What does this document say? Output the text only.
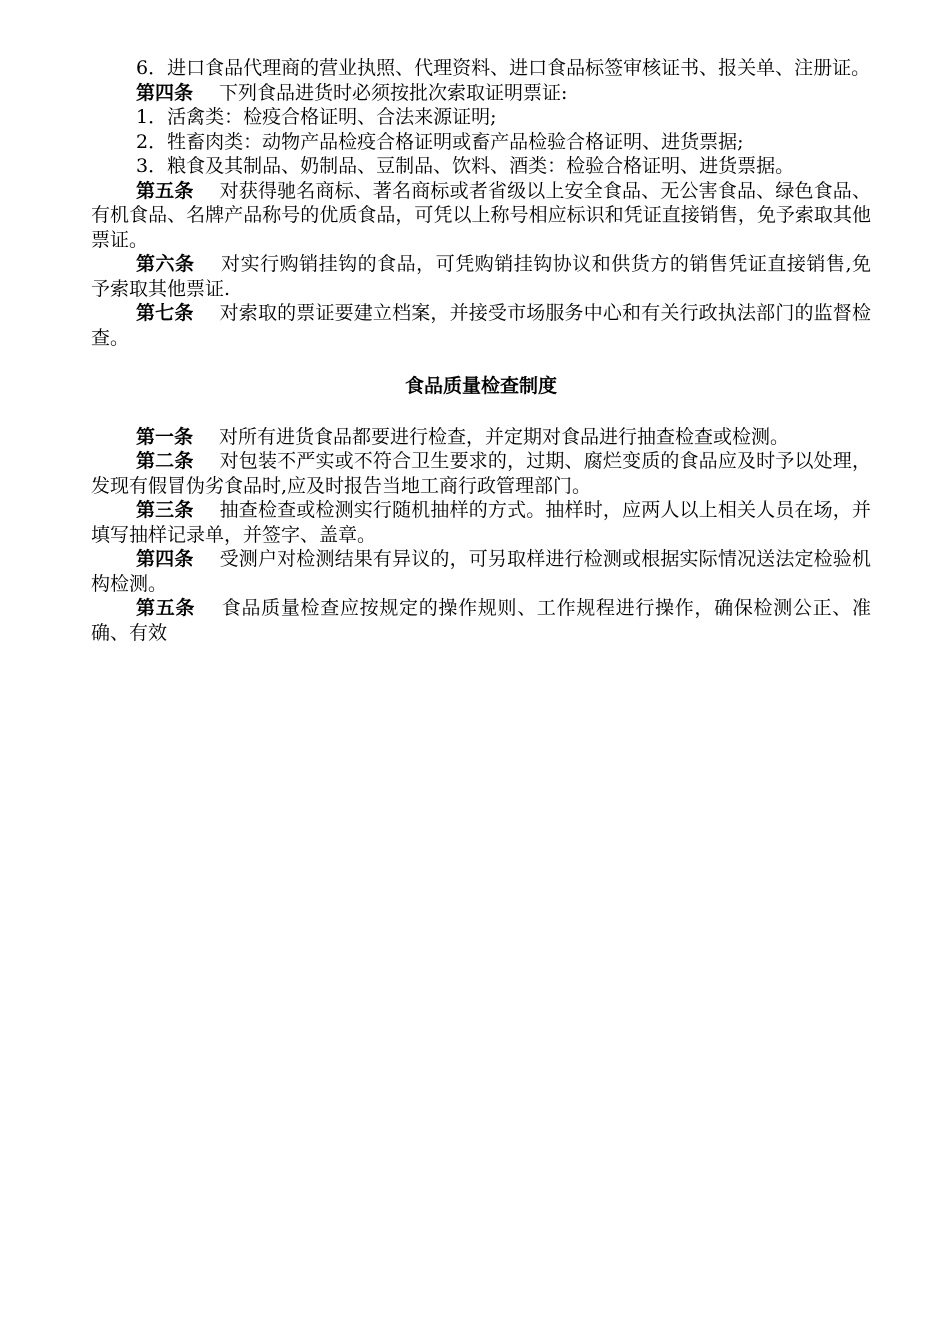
6．进口食品代理商的营业执照、代理资料、进口食品标签审核证书、报关单、注册证。

第四条 下列食品进货时必须按批次索取证明票证:

1．活禽类：检疫合格证明、合法来源证明;

2．牲畜肉类：动物产品检疫合格证明或畜产品检验合格证明、进货票据;

3．粮食及其制品、奶制品、豆制品、饮料、酒类：检验合格证明、进货票据。

第五条 对获得驰名商标、著名商标或者省级以上安全食品、无公害食品、绿色食品、有机食品、名牌产品称号的优质食品，可凭以上称号相应标识和凭证直接销售，免予索取其他票证。

第六条 对实行购销挂钩的食品，可凭购销挂钩协议和供货方的销售凭证直接销售,免予索取其他票证.

第七条 对索取的票证要建立档案，并接受市场服务中心和有关行政执法部门的监督检查。

食品质量检查制度

第一条 对所有进货食品都要进行检查，并定期对食品进行抽查检查或检测。

第二条 对包装不严实或不符合卫生要求的，过期、腐烂变质的食品应及时予以处理，发现有假冒伪劣食品时,应及时报告当地工商行政管理部门。

第三条 抽查检查或检测实行随机抽样的方式。抽样时，应两人以上相关人员在场，并填写抽样记录单，并签字、盖章。

第四条 受测户对检测结果有异议的，可另取样进行检测或根据实际情况送法定检验机构检测。

第五条 食品质量检查应按规定的操作规则、工作规程进行操作，确保检测公正、准确、有效
